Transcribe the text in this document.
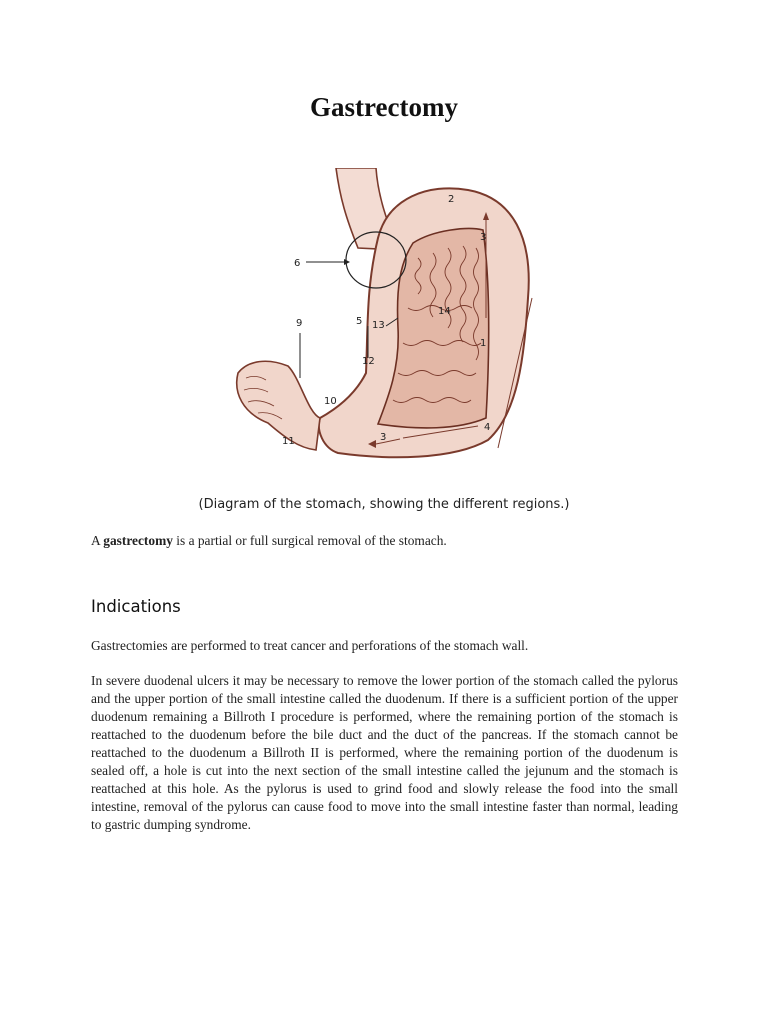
Gastrectomy
2
3
6
9	5 13
14
1
12
10
3
4
11
(Diagram of the stomach, showing the different regions.)

A gastrectomy is a partial or full surgical removal of the stomach.

Indications

Gastrectomies are performed to treat cancer and perforations of the stomach wall.

In severe duodenal ulcers it may be necessary to remove the lower portion of the stomach called the pylorus and the upper portion of the small intestine called the duodenum. If there is a sufficient portion of the upper duodenum remaining a Billroth I procedure is performed, where the remaining portion of the stomach is reattached to the duodenum before the bile duct and the duct of the pancreas. If the stomach cannot be reattached to the duodenum a Billroth II is performed, where the remaining portion of the duodenum is sealed off, a hole is cut into the next section of the small intestine called the jejunum and the stomach is reattached at this hole. As the pylorus is used to grind food and slowly release the food into the small intestine, removal of the pylorus can cause food to move into the small intestine faster than normal, leading to gastric dumping syndrome.
